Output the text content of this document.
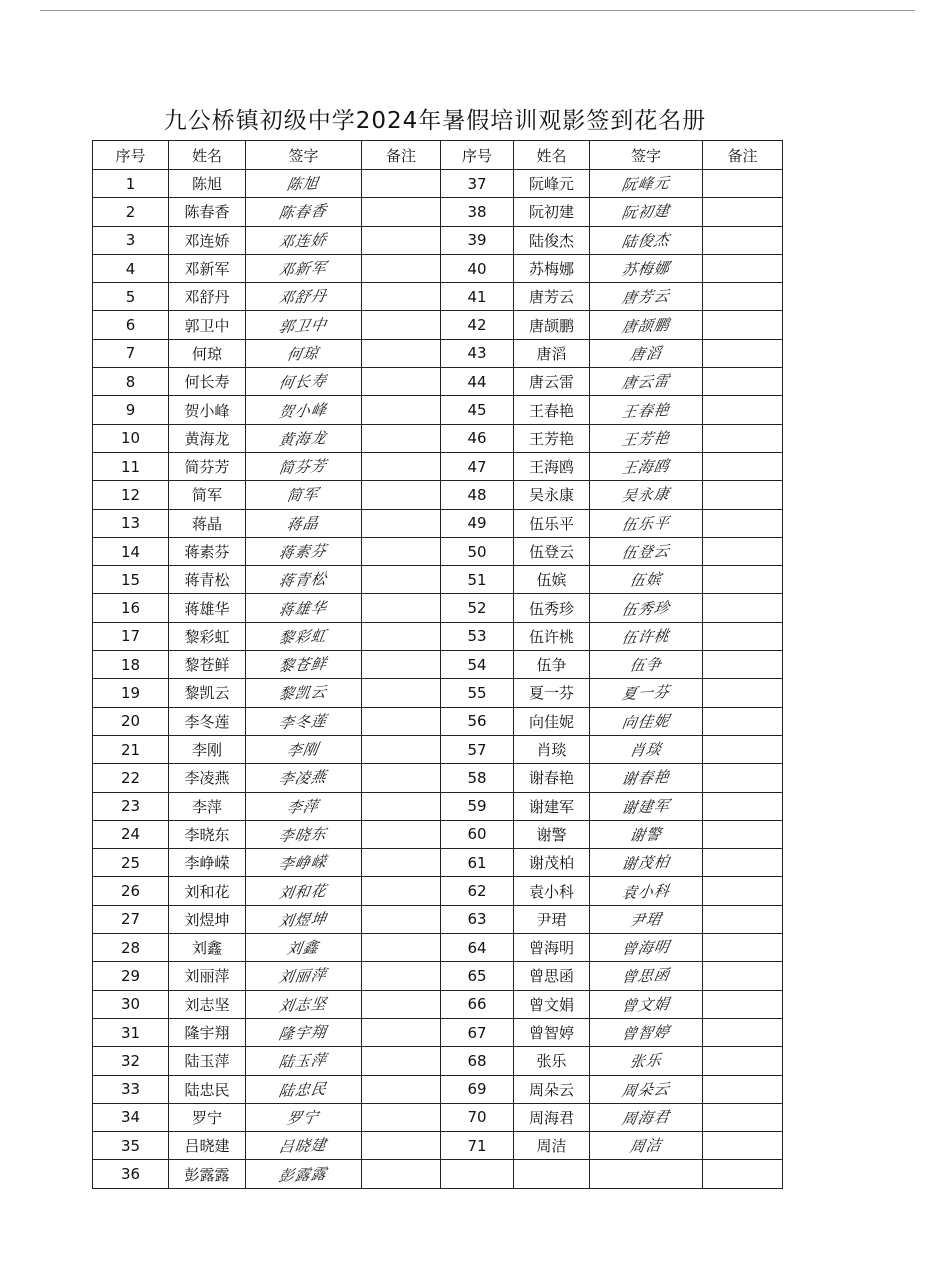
九公桥镇初级中学2024年暑假培训观影签到花名册
序号	姓名	签字	备注	序号	姓名	签字	备注
1	陈旭	陈旭		37	阮峰元	阮峰元	
2	陈春香	陈春香		38	阮初建	阮初建	
3	邓连娇	邓连娇		39	陆俊杰	陆俊杰	
4	邓新军	邓新军		40	苏梅娜	苏梅娜	
5	邓舒丹	邓舒丹		41	唐芳云	唐芳云	
6	郭卫中	郭卫中		42	唐颉鹏	唐颉鹏	
7	何琼	何琼		43	唐滔	唐滔	
8	何长寿	何长寿		44	唐云雷	唐云雷	
9	贺小峰	贺小峰		45	王春艳	王春艳	
10	黄海龙	黄海龙		46	王芳艳	王芳艳	
11	简芬芳	简芬芳		47	王海鸥	王海鸥	
12	简军	简军		48	吴永康	吴永康	
13	蒋晶	蒋晶		49	伍乐平	伍乐平	
14	蒋素芬	蒋素芬		50	伍登云	伍登云	
15	蒋青松	蒋青松		51	伍嫔	伍嫔	
16	蒋雄华	蒋雄华		52	伍秀珍	伍秀珍	
17	黎彩虹	黎彩虹		53	伍许桃	伍许桃	
18	黎苍鲜	黎苍鲜		54	伍争	伍争	
19	黎凯云	黎凯云		55	夏一芬	夏一芬	
20	李冬莲	李冬莲		56	向佳妮	向佳妮	
21	李刚	李刚		57	肖琰	肖琰	
22	李凌燕	李凌燕		58	谢春艳	谢春艳	
23	李萍	李萍		59	谢建军	谢建军	
24	李晓东	李晓东		60	谢警	谢警	
25	李峥嵘	李峥嵘		61	谢茂柏	谢茂柏	
26	刘和花	刘和花		62	袁小科	袁小科	
27	刘煜坤	刘煜坤		63	尹珺	尹珺	
28	刘鑫	刘鑫		64	曾海明	曾海明	
29	刘丽萍	刘丽萍		65	曾思函	曾思函	
30	刘志坚	刘志坚		66	曾文娟	曾文娟	
31	隆宇翔	隆宇翔		67	曾智婷	曾智婷	
32	陆玉萍	陆玉萍		68	张乐	张乐	
33	陆忠民	陆忠民		69	周朵云	周朵云	
34	罗宁	罗宁		70	周海君	周海君	
35	吕晓建	吕晓建		71	周洁	周洁	
36	彭露露	彭露露					
